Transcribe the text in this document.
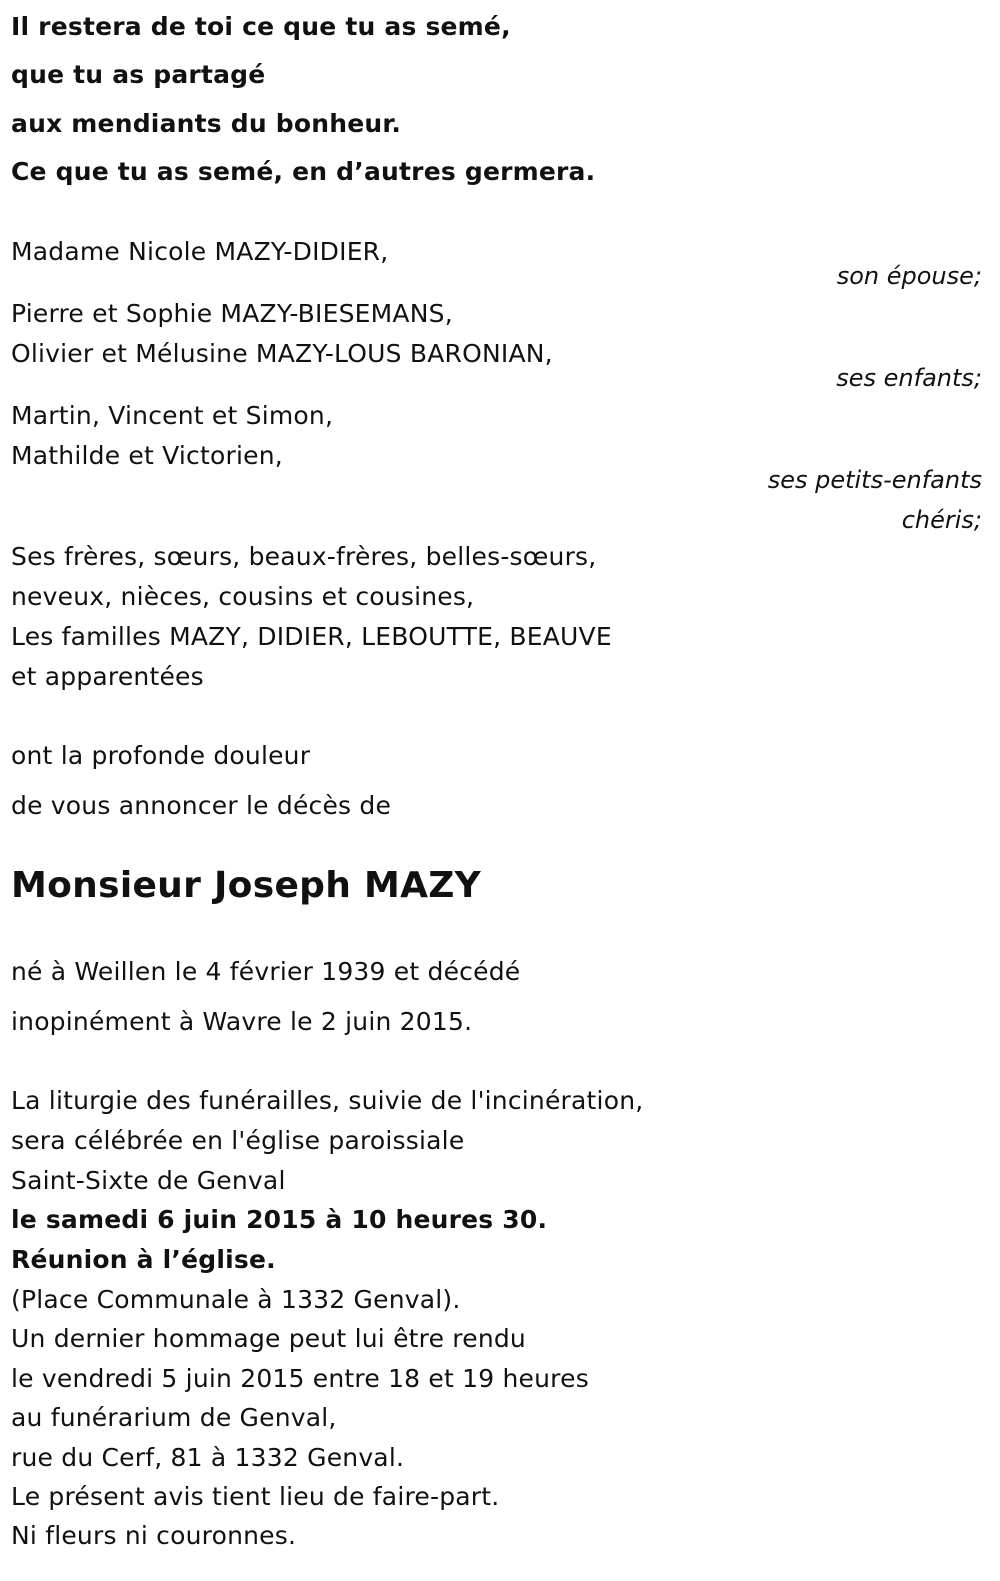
Il restera de toi ce que tu as semé,
que tu as partagé
aux mendiants du bonheur.
Ce que tu as semé, en d’autres germera.
Madame Nicole MAZY-DIDIER,
son épouse;
Pierre et Sophie MAZY-BIESEMANS,
Olivier et Mélusine MAZY-LOUS BARONIAN,
ses enfants;
Martin, Vincent et Simon,
Mathilde et Victorien,
ses petits-enfants
chéris;
Ses frères, sœurs, beaux-frères, belles-sœurs,
neveux, nièces, cousins et cousines,
Les familles MAZY, DIDIER, LEBOUTTE, BEAUVE
et apparentées
ont la profonde douleur
de vous annoncer le décès de
Monsieur Joseph MAZY
né à Weillen le 4 février 1939 et décédé
inopinément à Wavre le 2 juin 2015.
La liturgie des funérailles, suivie de l'incinération,
sera célébrée en l'église paroissiale
Saint-Sixte de Genval
le samedi 6 juin 2015 à 10 heures 30.
Réunion à l’église.
(Place Communale à 1332 Genval).
Un dernier hommage peut lui être rendu
le vendredi 5 juin 2015 entre 18 et 19 heures
au funérarium de Genval,
rue du Cerf, 81 à 1332 Genval.
Le présent avis tient lieu de faire-part.
Ni fleurs ni couronnes.
